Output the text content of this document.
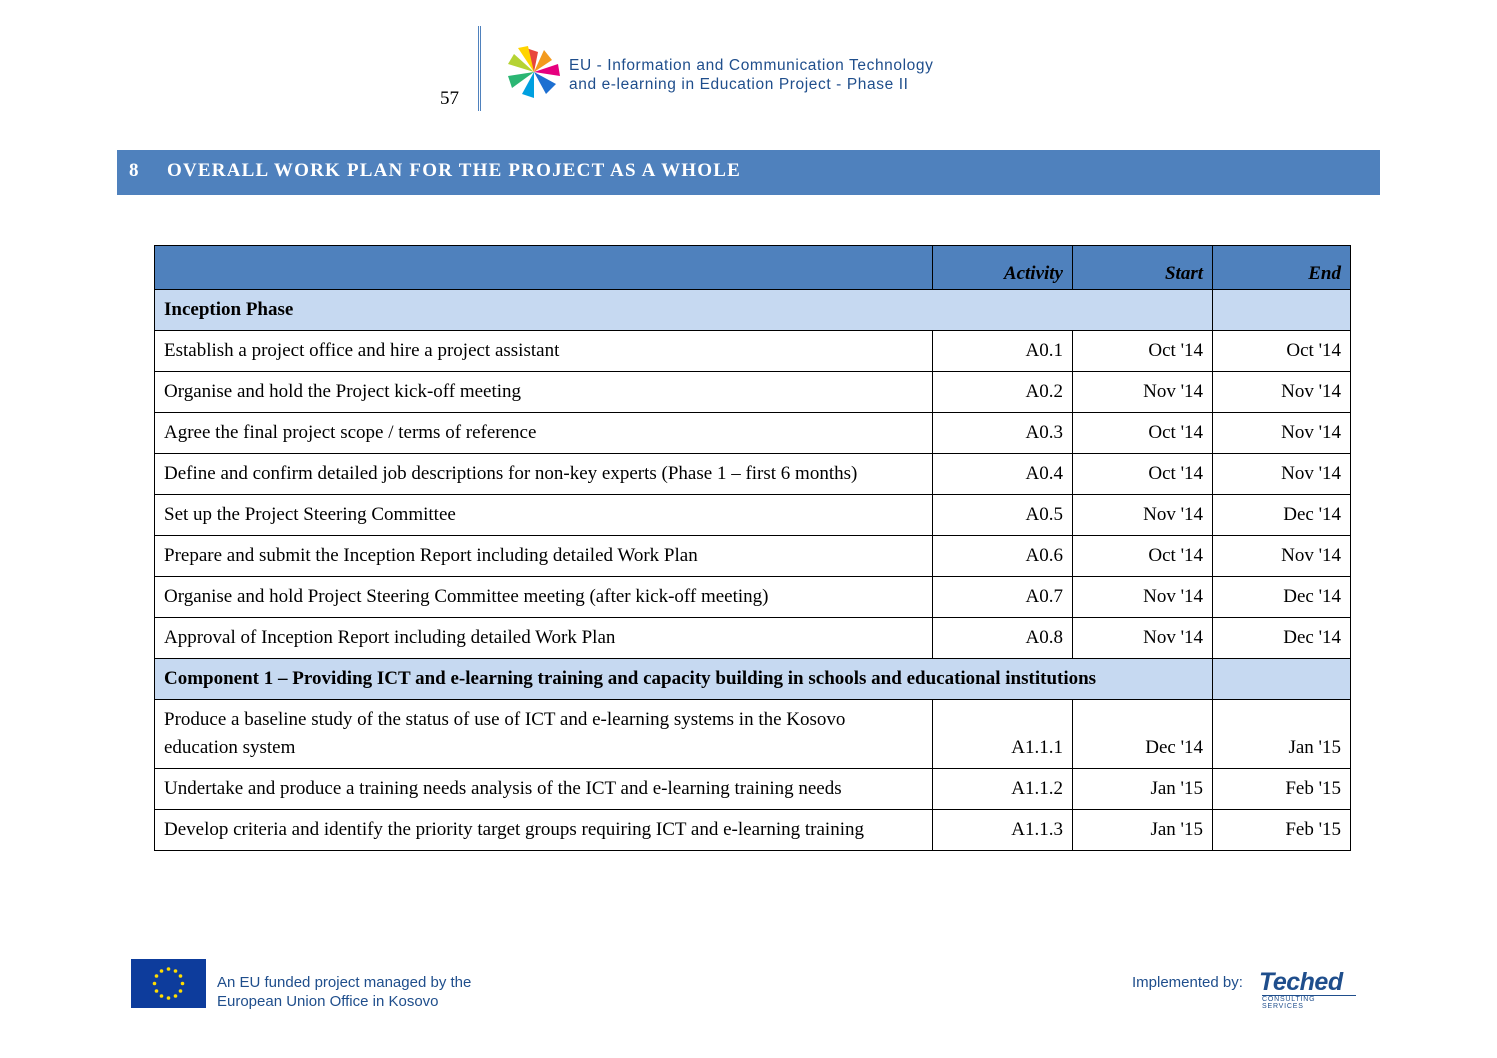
57
EU - Information and Communication Technology
and e-learning in Education Project - Phase II
8 OVERALL WORK PLAN FOR THE PROJECT AS A WHOLE
	Activity	Start	End
Inception Phase			
Establish a project office and hire a project assistant	A0.1	Oct '14	Oct '14
Organise and hold the Project kick-off meeting	A0.2	Nov '14	Nov '14
Agree the final project scope / terms of reference	A0.3	Oct '14	Nov '14
Define and confirm detailed job descriptions for non-key experts (Phase 1 – first 6 months)	A0.4	Oct '14	Nov '14
Set up the Project Steering Committee	A0.5	Nov '14	Dec '14
Prepare and submit the Inception Report including detailed Work Plan	A0.6	Oct '14	Nov '14
Organise and hold Project Steering Committee meeting (after kick-off meeting)	A0.7	Nov '14	Dec '14
Approval of Inception Report including detailed Work Plan	A0.8	Nov '14	Dec '14
Component 1 – Providing ICT and e-learning training and capacity building in schools and educational institutions			
Produce a baseline study of the status of use of ICT and e-learning systems in the Kosovo education system	A1.1.1	Dec '14	Jan '15
Undertake and produce a training needs analysis of the ICT and e-learning training needs	A1.1.2	Jan '15	Feb '15
Develop criteria and identify the priority target groups requiring ICT and e-learning training	A1.1.3	Jan '15	Feb '15
An EU funded project managed by the
European Union Office in Kosovo
Implemented by: Teched
CONSULTING SERVICES
